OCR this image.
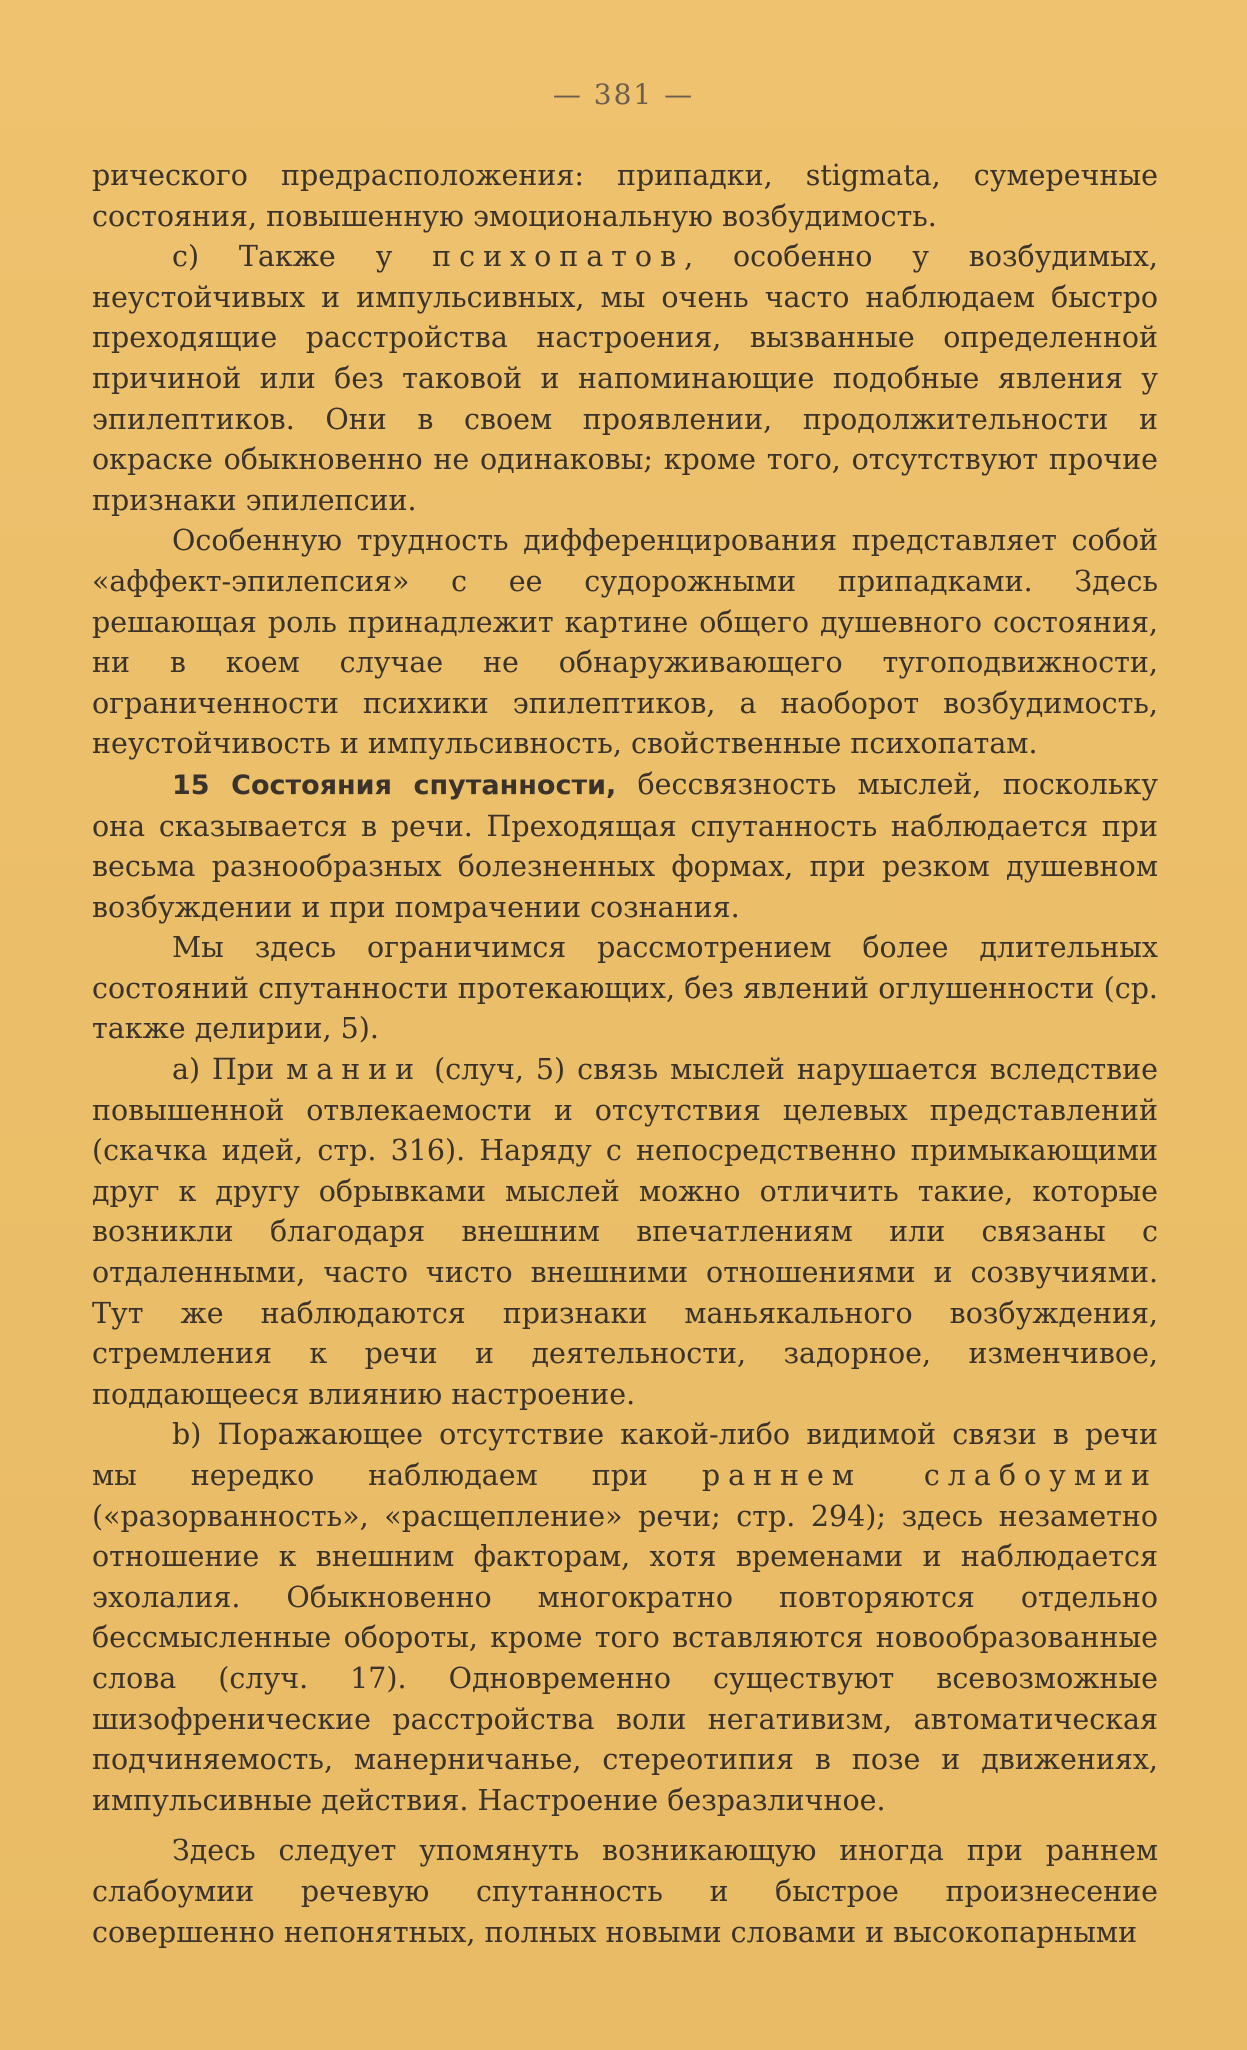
— 381 —

рического предрасположения: припадки, stigmata, сумеречные состояния, повышенную эмоциональную возбудимость.

c) Также у психопатов, особенно у возбудимых, неустойчивых и импульсивных, мы очень часто наблюдаем быстро преходящие расстройства настроения, вызванные определенной причиной или без таковой и напоминающие подобные явления у эпилептиков. Они в своем проявлении, продолжительности и окраске обыкновенно не одинаковы; кроме того, отсутствуют прочие признаки эпилепсии.

Особенную трудность дифференцирования представляет собой «аффект-эпилепсия» с ее судорожными припадками. Здесь решающая роль принадлежит картине общего душевного состояния, ни в коем случае не обнаруживающего тугоподвижности, ограниченности психики эпилептиков, а наоборот возбудимость, неустойчивость и импульсивность, свойственные психопатам.

15 Состояния спутанности, бессвязность мыслей, поскольку она сказывается в речи. Преходящая спутанность наблюдается при весьма разнообразных болезненных формах, при резком душевном возбуждении и при помрачении сознания.

Мы здесь ограничимся рассмотрением более длительных состояний спутанности протекающих, без явлений оглушенности (ср. также делирии, 5).

a) При мании (случ, 5) связь мыслей нарушается вследствие повышенной отвлекаемости и отсутствия целевых представлений (скачка идей, стр. 316). Наряду с непосредственно примыкающими друг к другу обрывками мыслей можно отличить такие, которые возникли благодаря внешним впечатлениям или связаны с отдаленными, часто чисто внешними отношениями и созвучиями. Тут же наблюдаются признаки маньякального возбуждения, стремления к речи и деятельности, задорное, изменчивое, поддающееся влиянию настроение.

b) Поражающее отсутствие какой-либо видимой связи в речи мы нередко наблюдаем при раннем слабоумии («разорванность», «расщепление» речи; стр. 294); здесь незаметно отношение к внешним факторам, хотя временами и наблюдается эхолалия. Обыкновенно многократно повторяются отдельно бессмысленные обороты, кроме того вставляются новообразованные слова (случ. 17). Одновременно существуют всевозможные шизофренические расстройства воли негативизм, автоматическая подчиняемость, манерничанье, стереотипия в позе и движениях, импульсивные действия. Настроение безразличное.

Здесь следует упомянуть возникающую иногда при раннем слабоумии речевую спутанность и быстрое произнесение совершенно непонятных, полных новыми словами и высокопарными
